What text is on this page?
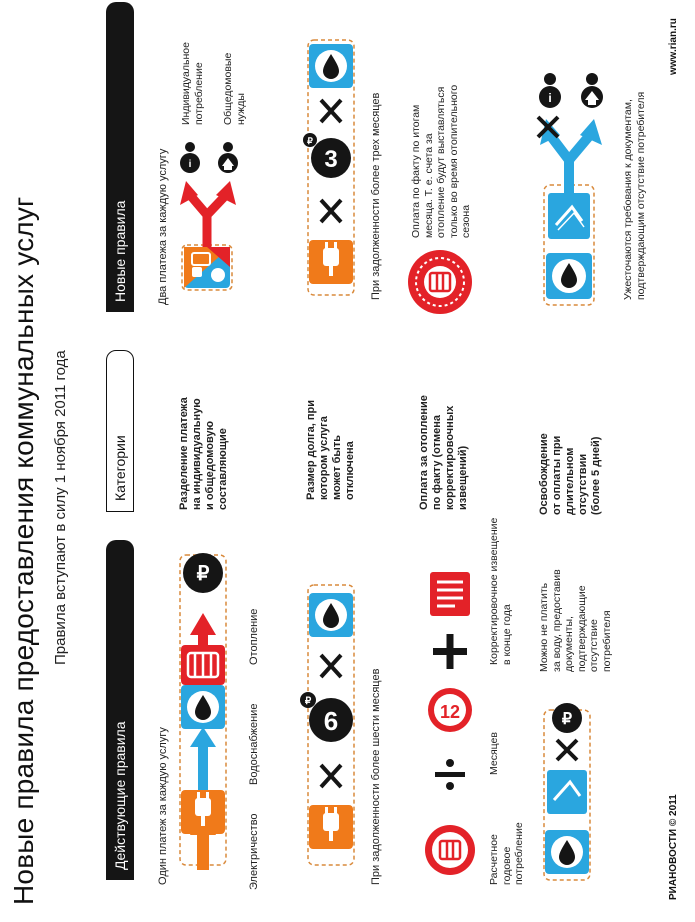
Новые правила предоставления коммунальных услуг Правила вступают в силу 1 ноября 2011 года
Действующие правила
Категории
Новые правила
Один платеж за каждую услугу
₽
Электричество
Водоснабжение
Отопление
Разделение платежа на индивидуальную и общедомовую составляющие
Два платежа за каждую услугу i
Индивидуальное потребление Общедомовые нужды
6
₽	При задолженности более шести месяцев
Размер долга, при котором услуга может быть отключена
3
₽	При задолженности более трех месяцев
12
Расчетное годовое потребление
Месяцев
Корректировочное извещение в конце года
Оплата за отопление по факту (отмена корректировочных извещений)
Оплата по факту по итогам месяца. Т. е. счета за отопление будут выставляться только во время отопительного сезона
₽
Можно не платить за воду, предоставив документы, подтверждающие отсутствие потребителя
Освобождение от оплаты при длительном отсутствии (более 5 дней)
i
Ужесточаются требования к документам, подтверждающим отсутствие потребителя
РИАНОВОСТИ © 2011
www.rian.ru
